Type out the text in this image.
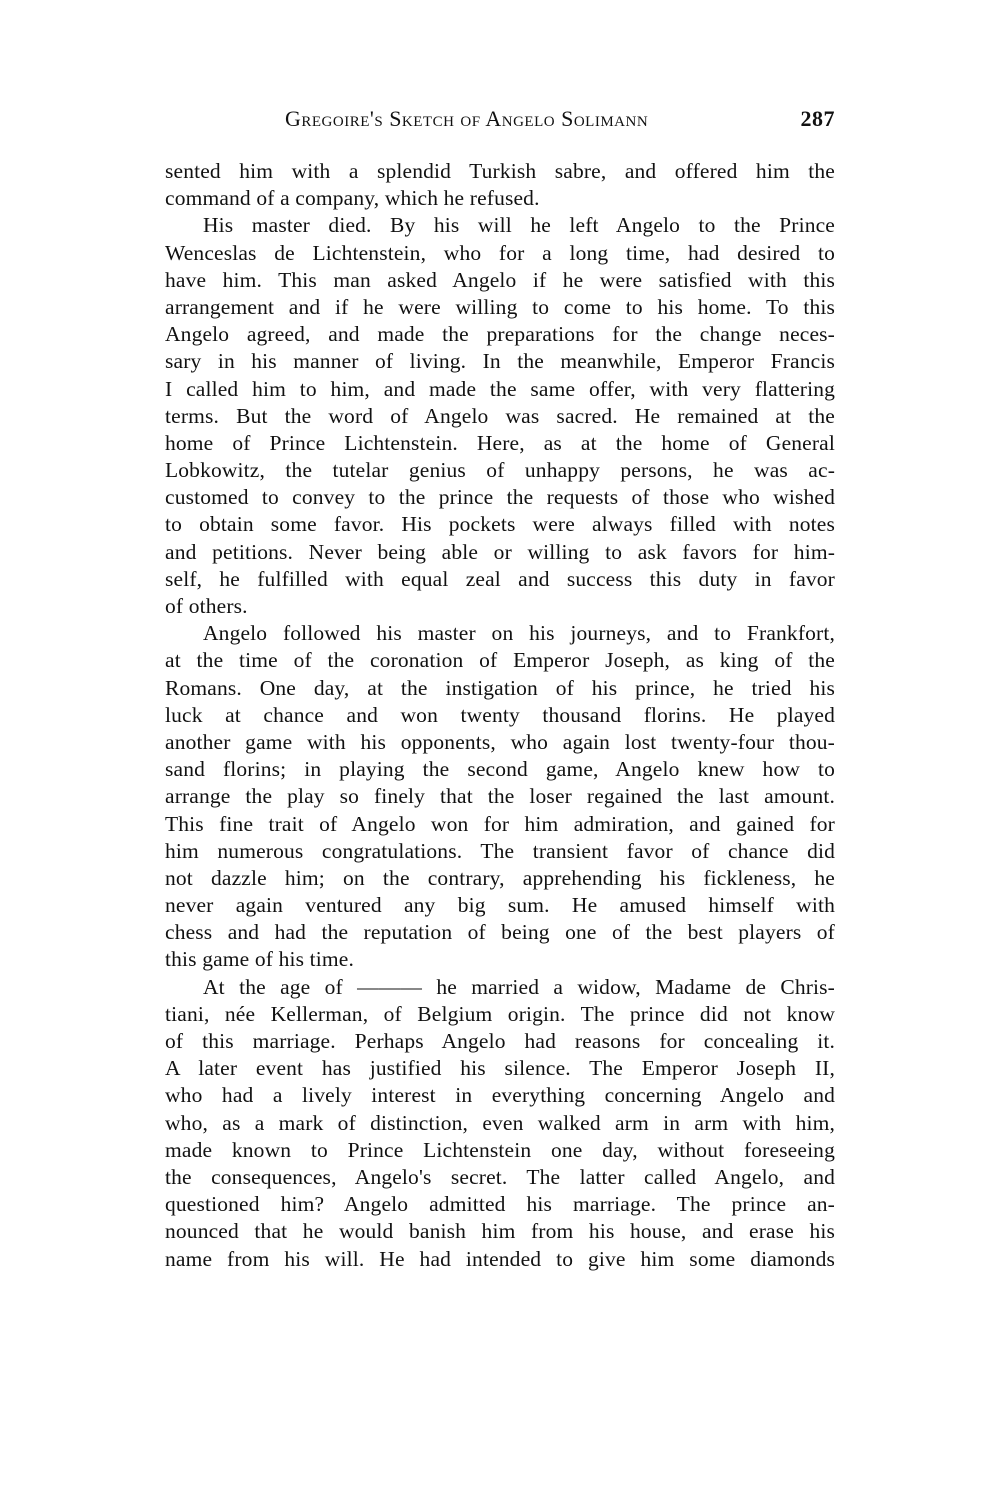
Gregoire's Sketch of Angelo Solimann	287
sented him with a splendid Turkish sabre, and offered him the
command of a company, which he refused.
His master died. By his will he left Angelo to the Prince
Wenceslas de Lichtenstein, who for a long time, had desired to
have him. This man asked Angelo if he were satisfied with this
arrangement and if he were willing to come to his home. To this
Angelo agreed, and made the preparations for the change neces-
sary in his manner of living. In the meanwhile, Emperor Francis
I called him to him, and made the same offer, with very flattering
terms. But the word of Angelo was sacred. He remained at the
home of Prince Lichtenstein. Here, as at the home of General
Lobkowitz, the tutelar genius of unhappy persons, he was ac-
customed to convey to the prince the requests of those who wished
to obtain some favor. His pockets were always filled with notes
and petitions. Never being able or willing to ask favors for him-
self, he fulfilled with equal zeal and success this duty in favor
of others.
Angelo followed his master on his journeys, and to Frankfort,
at the time of the coronation of Emperor Joseph, as king of the
Romans. One day, at the instigation of his prince, he tried his
luck at chance and won twenty thousand florins. He played
another game with his opponents, who again lost twenty-four thou-
sand florins; in playing the second game, Angelo knew how to
arrange the play so finely that the loser regained the last amount.
This fine trait of Angelo won for him admiration, and gained for
him numerous congratulations. The transient favor of chance did
not dazzle him; on the contrary, apprehending his fickleness, he
never again ventured any big sum. He amused himself with
chess and had the reputation of being one of the best players of
this game of his time.
At the age of ——— he married a widow, Madame de Chris-
tiani, née Kellerman, of Belgium origin. The prince did not know
of this marriage. Perhaps Angelo had reasons for concealing it.
A later event has justified his silence. The Emperor Joseph II,
who had a lively interest in everything concerning Angelo and
who, as a mark of distinction, even walked arm in arm with him,
made known to Prince Lichtenstein one day, without foreseeing
the consequences, Angelo's secret. The latter called Angelo, and
questioned him? Angelo admitted his marriage. The prince an-
nounced that he would banish him from his house, and erase his
name from his will. He had intended to give him some diamonds
